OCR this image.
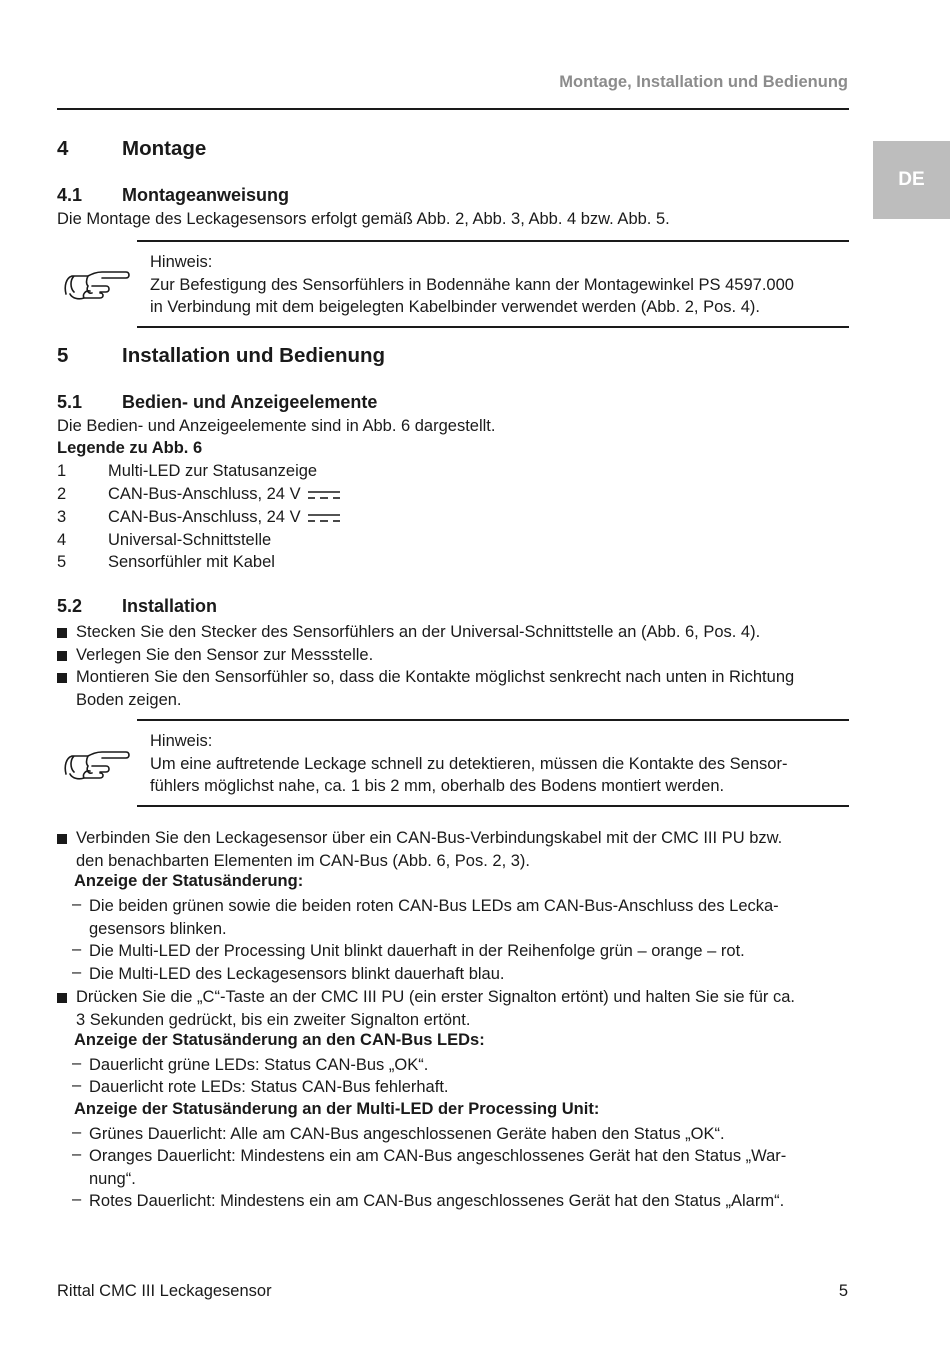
Montage, Installation und Bedienung
DE
4	Montage
4.1 Montageanweisung
Die Montage des Leckagesensors erfolgt gemäß Abb. 2, Abb. 3, Abb. 4 bzw. Abb. 5.
Hinweis:
Zur Befestigung des Sensorfühlers in Bodennähe kann der Montagewinkel PS 4597.000
in Verbindung mit dem beigelegten Kabelbinder verwendet werden (Abb. 2, Pos. 4).
5	Installation und Bedienung
5.1 Bedien- und Anzeigeelemente
Die Bedien- und Anzeigeelemente sind in Abb. 6 dargestellt.
Legende zu Abb. 6
1	Multi-LED zur Statusanzeige
2	CAN-Bus-Anschluss, 24 V
3	CAN-Bus-Anschluss, 24 V
4	Universal-Schnittstelle
5	Sensorfühler mit Kabel
5.2 Installation
Stecken Sie den Stecker des Sensorfühlers an der Universal-Schnittstelle an (Abb. 6, Pos. 4).
Verlegen Sie den Sensor zur Messstelle.
Montieren Sie den Sensorfühler so, dass die Kontakte möglichst senkrecht nach unten in Richtung
Boden zeigen.
Hinweis:
Um eine auftretende Leckage schnell zu detektieren, müssen die Kontakte des Sensor-
fühlers möglichst nahe, ca. 1 bis 2 mm, oberhalb des Bodens montiert werden.
Verbinden Sie den Leckagesensor über ein CAN-Bus-Verbindungskabel mit der CMC III PU bzw.
den benachbarten Elementen im CAN-Bus (Abb. 6, Pos. 2, 3).
Anzeige der Statusänderung:
– Die beiden grünen sowie die beiden roten CAN-Bus LEDs am CAN-Bus-Anschluss des Lecka-
gesensors blinken.
– Die Multi-LED der Processing Unit blinkt dauerhaft in der Reihenfolge grün – orange – rot.
– Die Multi-LED des Leckagesensors blinkt dauerhaft blau.
Drücken Sie die „C“-Taste an der CMC III PU (ein erster Signalton ertönt) und halten Sie sie für ca.
3 Sekunden gedrückt, bis ein zweiter Signalton ertönt.
Anzeige der Statusänderung an den CAN-Bus LEDs:
– Dauerlicht grüne LEDs: Status CAN-Bus „OK“.
– Dauerlicht rote LEDs: Status CAN-Bus fehlerhaft.
Anzeige der Statusänderung an der Multi-LED der Processing Unit:
– Grünes Dauerlicht: Alle am CAN-Bus angeschlossenen Geräte haben den Status „OK“.
– Oranges Dauerlicht: Mindestens ein am CAN-Bus angeschlossenes Gerät hat den Status „War-
nung“.
– Rotes Dauerlicht: Mindestens ein am CAN-Bus angeschlossenes Gerät hat den Status „Alarm“.
Rittal CMC III Leckagesensor	5
